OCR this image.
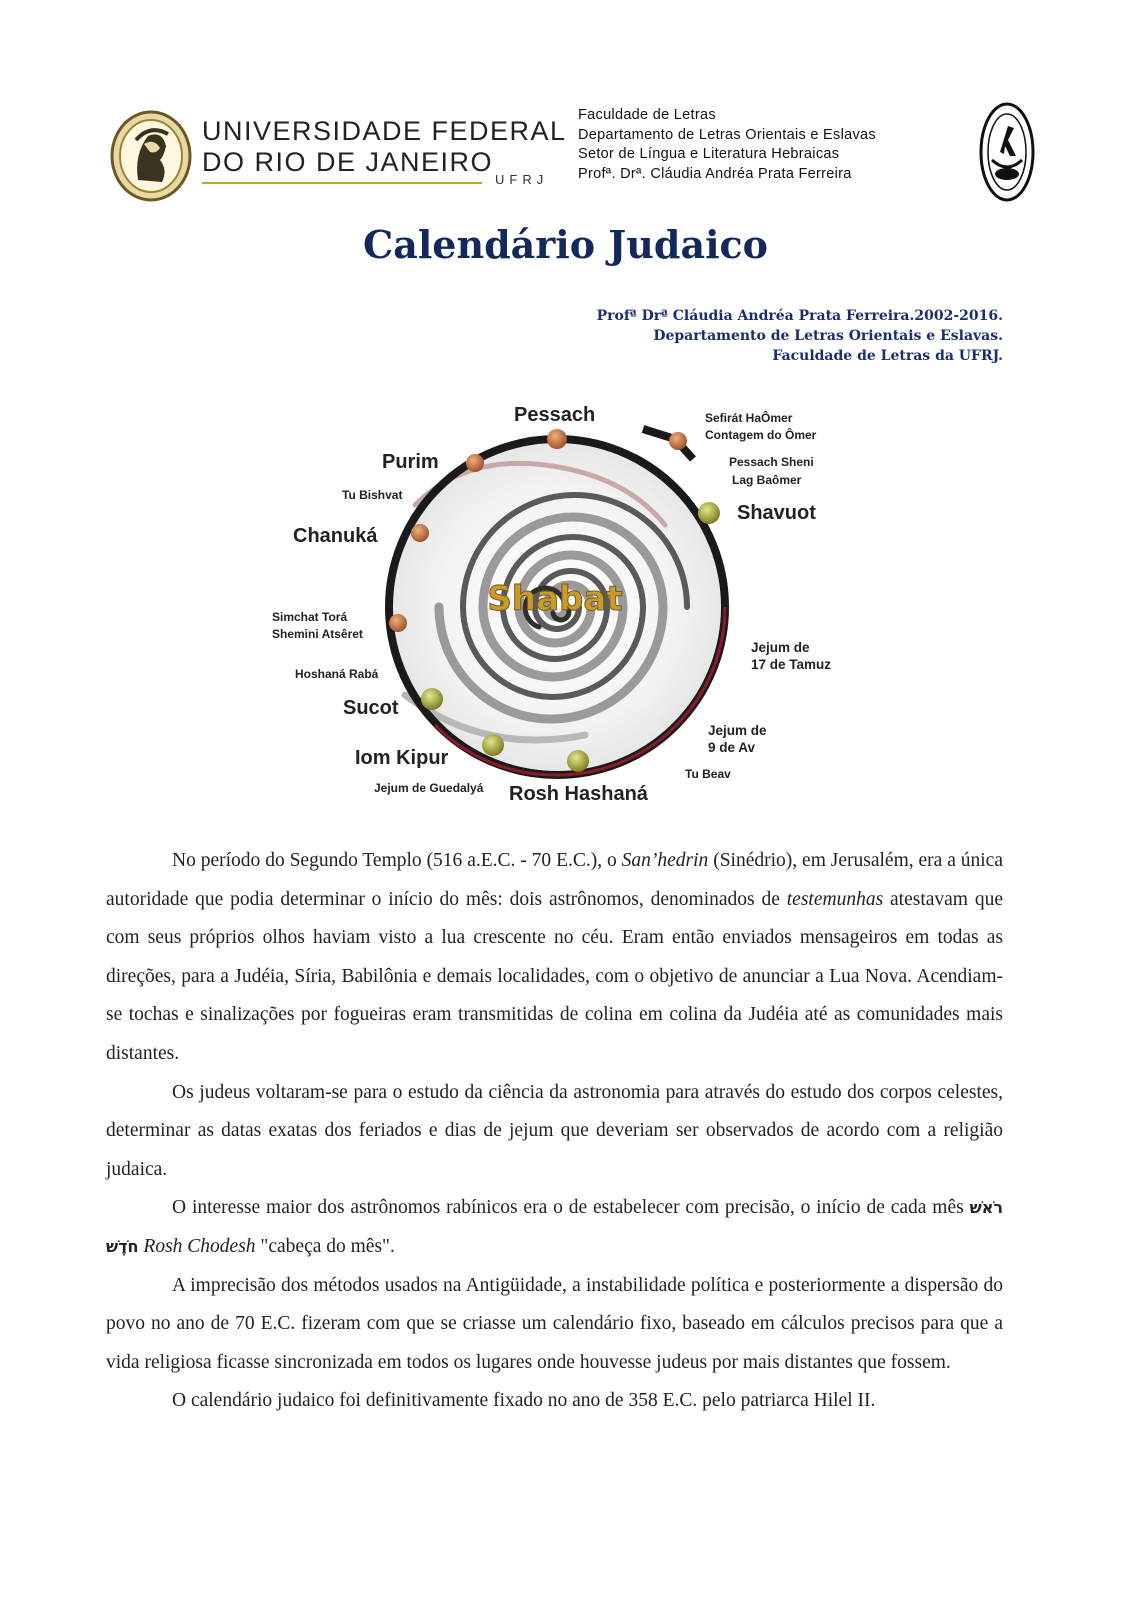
UNIVERSIDADE FEDERAL
DO RIO DE JANEIRO
UFRJ
Faculdade de Letras
Departamento de Letras Orientais e Eslavas
Setor de Língua e Literatura Hebraicas
Profª. Drª. Cláudia Andréa Prata Ferreira
Calendário Judaico
Profª Drª Cláudia Andréa Prata Ferreira.2002-2016.
Departamento de Letras Orientais e Eslavas.
Faculdade de Letras da UFRJ.
Shabat
Pessach	Sefirát HaÔmer
Contagem do Ômer
Pessach Sheni
Lag Baômer
Shavuot
Jejum de
17 de Tamuz
Jejum de
9 de Av
Tu Beav
Rosh Hashaná
Jejum de Guedalyá
Iom Kipur
Sucot
Hoshaná Rabá
Simchat Torá
Shemini Atsêret
Chanuká
Tu Bishvat
Purim

No período do Segundo Templo (516 a.E.C. - 70 E.C.), o San’hedrin (Sinédrio), em Jerusalém, era a única autoridade que podia determinar o início do mês: dois astrônomos, denominados de testemunhas atestavam que com seus próprios olhos haviam visto a lua crescente no céu. Eram então enviados mensageiros em todas as direções, para a Judéia, Síria, Babilônia e demais localidades, com o objetivo de anunciar a Lua Nova. Acendiam-se tochas e sinalizações por fogueiras eram transmitidas de colina em colina da Judéia até as comunidades mais distantes.

Os judeus voltaram-se para o estudo da ciência da astronomia para através do estudo dos corpos celestes, determinar as datas exatas dos feriados e dias de jejum que deveriam ser observados de acordo com a religião judaica.

O interesse maior dos astrônomos rabínicos era o de estabelecer com precisão, o início de cada mês רֹאשׁ חֹדֶשׁ Rosh Chodesh "cabeça do mês".

A imprecisão dos métodos usados na Antigüidade, a instabilidade política e posteriormente a dispersão do povo no ano de 70 E.C. fizeram com que se criasse um calendário fixo, baseado em cálculos precisos para que a vida religiosa ficasse sincronizada em todos os lugares onde houvesse judeus por mais distantes que fossem.

O calendário judaico foi definitivamente fixado no ano de 358 E.C. pelo patriarca Hilel II.
